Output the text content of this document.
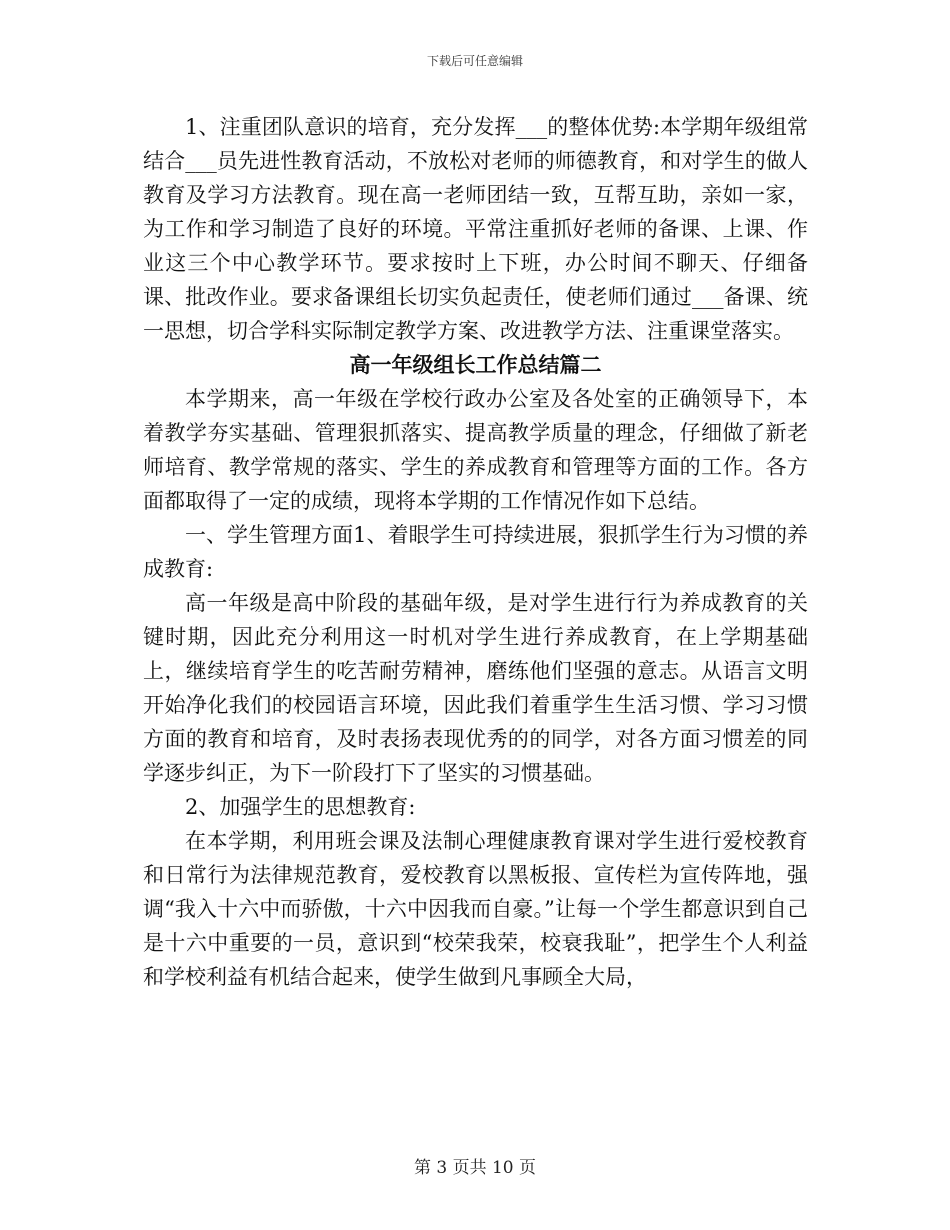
下载后可任意编辑

1、注重团队意识的培育，充分发挥___的整体优势:本学期年级组常结合___员先进性教育活动，不放松对老师的师德教育，和对学生的做人教育及学习方法教育。现在高一老师团结一致，互帮互助，亲如一家，为工作和学习制造了良好的环境。平常注重抓好老师的备课、上课、作业这三个中心教学环节。要求按时上下班，办公时间不聊天、仔细备课、批改作业。要求备课组长切实负起责任，使老师们通过___备课、统一思想，切合学科实际制定教学方案、改进教学方法、注重课堂落实。

高一年级组长工作总结篇二

本学期来，高一年级在学校行政办公室及各处室的正确领导下，本着教学夯实基础、管理狠抓落实、提高教学质量的理念，仔细做了新老师培育、教学常规的落实、学生的养成教育和管理等方面的工作。各方面都取得了一定的成绩，现将本学期的工作情况作如下总结。

一、学生管理方面1、着眼学生可持续进展，狠抓学生行为习惯的养成教育:

高一年级是高中阶段的基础年级，是对学生进行行为养成教育的关键时期，因此充分利用这一时机对学生进行养成教育，在上学期基础上，继续培育学生的吃苦耐劳精神，磨练他们坚强的意志。从语言文明开始净化我们的校园语言环境，因此我们着重学生生活习惯、学习习惯方面的教育和培育，及时表扬表现优秀的的同学，对各方面习惯差的同学逐步纠正，为下一阶段打下了坚实的习惯基础。

2、加强学生的思想教育:

在本学期，利用班会课及法制心理健康教育课对学生进行爱校教育和日常行为法律规范教育，爱校教育以黑板报、宣传栏为宣传阵地，强调“我入十六中而骄傲，十六中因我而自豪。”让每一个学生都意识到自己是十六中重要的一员，意识到“校荣我荣，校衰我耻”，把学生个人利益和学校利益有机结合起来，使学生做到凡事顾全大局，

第 3 页共 10 页
